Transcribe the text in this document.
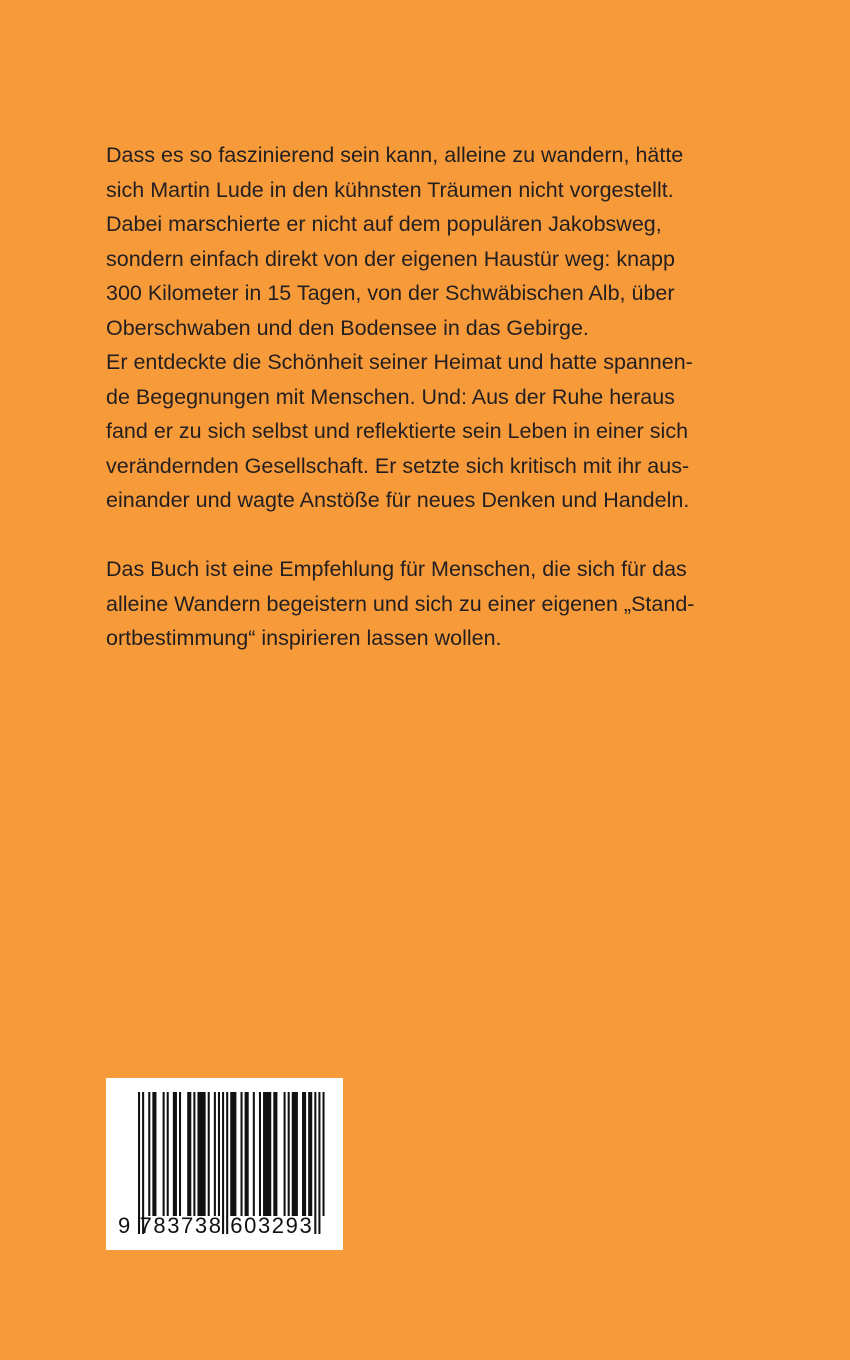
Dass es so faszinierend sein kann, alleine zu wandern, hätte
sich Martin Lude in den kühnsten Träumen nicht vorgestellt.
Dabei marschierte er nicht auf dem populären Jakobsweg,
sondern einfach direkt von der eigenen Haustür weg: knapp
300 Kilometer in 15 Tagen, von der Schwäbischen Alb, über
Oberschwaben und den Bodensee in das Gebirge.
Er entdeckte die Schönheit seiner Heimat und hatte spannen-
de Begegnungen mit Menschen. Und: Aus der Ruhe heraus
fand er zu sich selbst und reflektierte sein Leben in einer sich
verändernden Gesellschaft. Er setzte sich kritisch mit ihr aus-
einander und wagte Anstöße für neues Denken und Handeln.
Das Buch ist eine Empfehlung für Menschen, die sich für das
alleine Wandern begeistern und sich zu einer eigenen „Stand-
ortbestimmung“ inspirieren lassen wollen.
9 783738 603293
